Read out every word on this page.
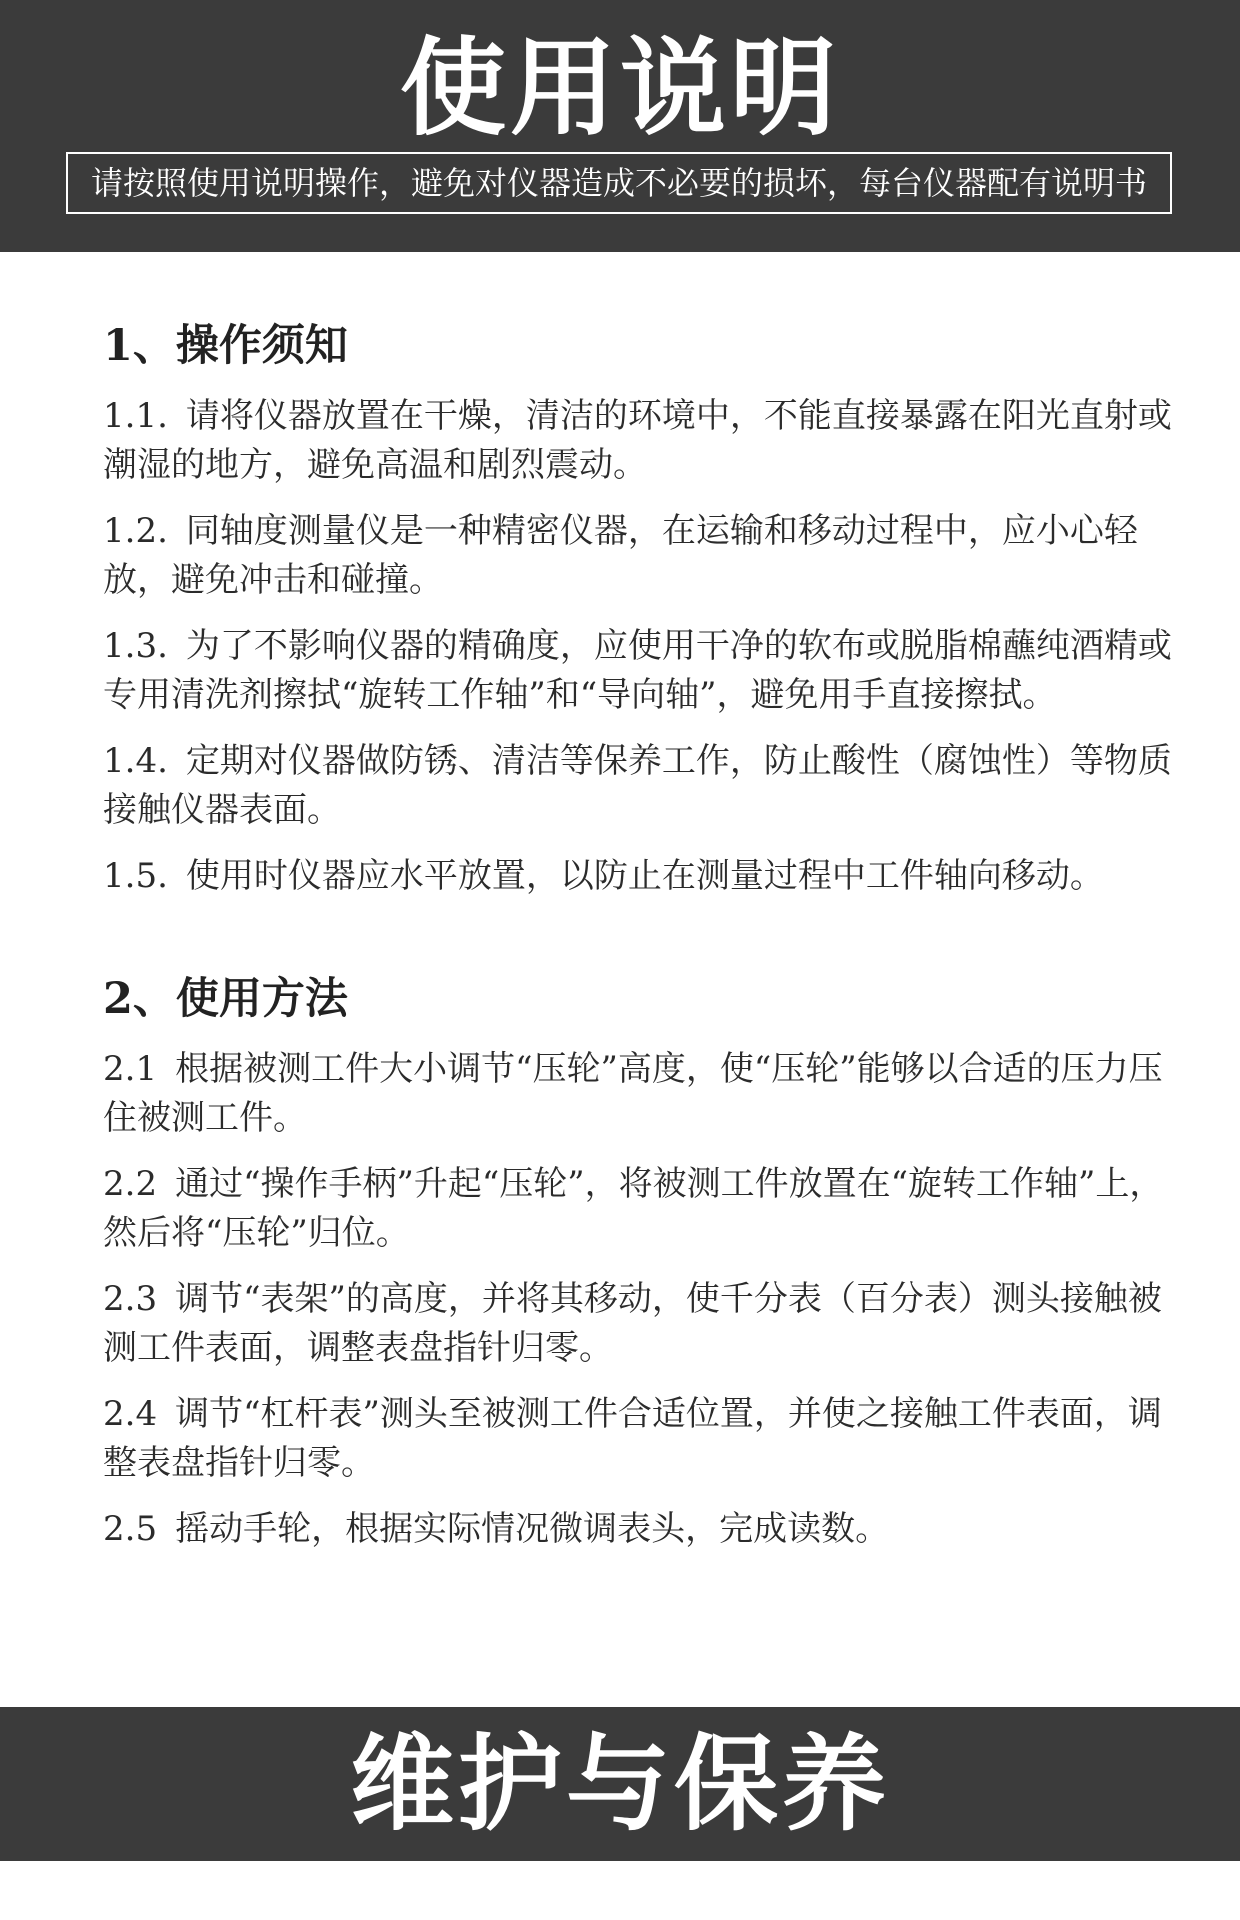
使用说明
请按照使用说明操作，避免对仪器造成不必要的损坏，每台仪器配有说明书
1、操作须知

1.1. 请将仪器放置在干燥，清洁的环境中，不能直接暴露在阳光直射或潮湿的地方，避免高温和剧烈震动。

1.2. 同轴度测量仪是一种精密仪器，在运输和移动过程中，应小心轻放，避免冲击和碰撞。

1.3. 为了不影响仪器的精确度，应使用干净的软布或脱脂棉蘸纯酒精或专用清洗剂擦拭“旋转工作轴”和“导向轴”，避免用手直接擦拭。

1.4. 定期对仪器做防锈、清洁等保养工作，防止酸性（腐蚀性）等物质接触仪器表面。

1.5. 使用时仪器应水平放置，以防止在测量过程中工件轴向移动。

2、使用方法

2.1 根据被测工件大小调节“压轮”高度，使“压轮”能够以合适的压力压住被测工件。

2.2 通过“操作手柄”升起“压轮”，将被测工件放置在“旋转工作轴”上，然后将“压轮”归位。

2.3 调节“表架”的高度，并将其移动，使千分表（百分表）测头接触被测工件表面，调整表盘指针归零。

2.4 调节“杠杆表”测头至被测工件合适位置，并使之接触工件表面，调整表盘指针归零。

2.5 摇动手轮，根据实际情况微调表头，完成读数。

维护与保养
